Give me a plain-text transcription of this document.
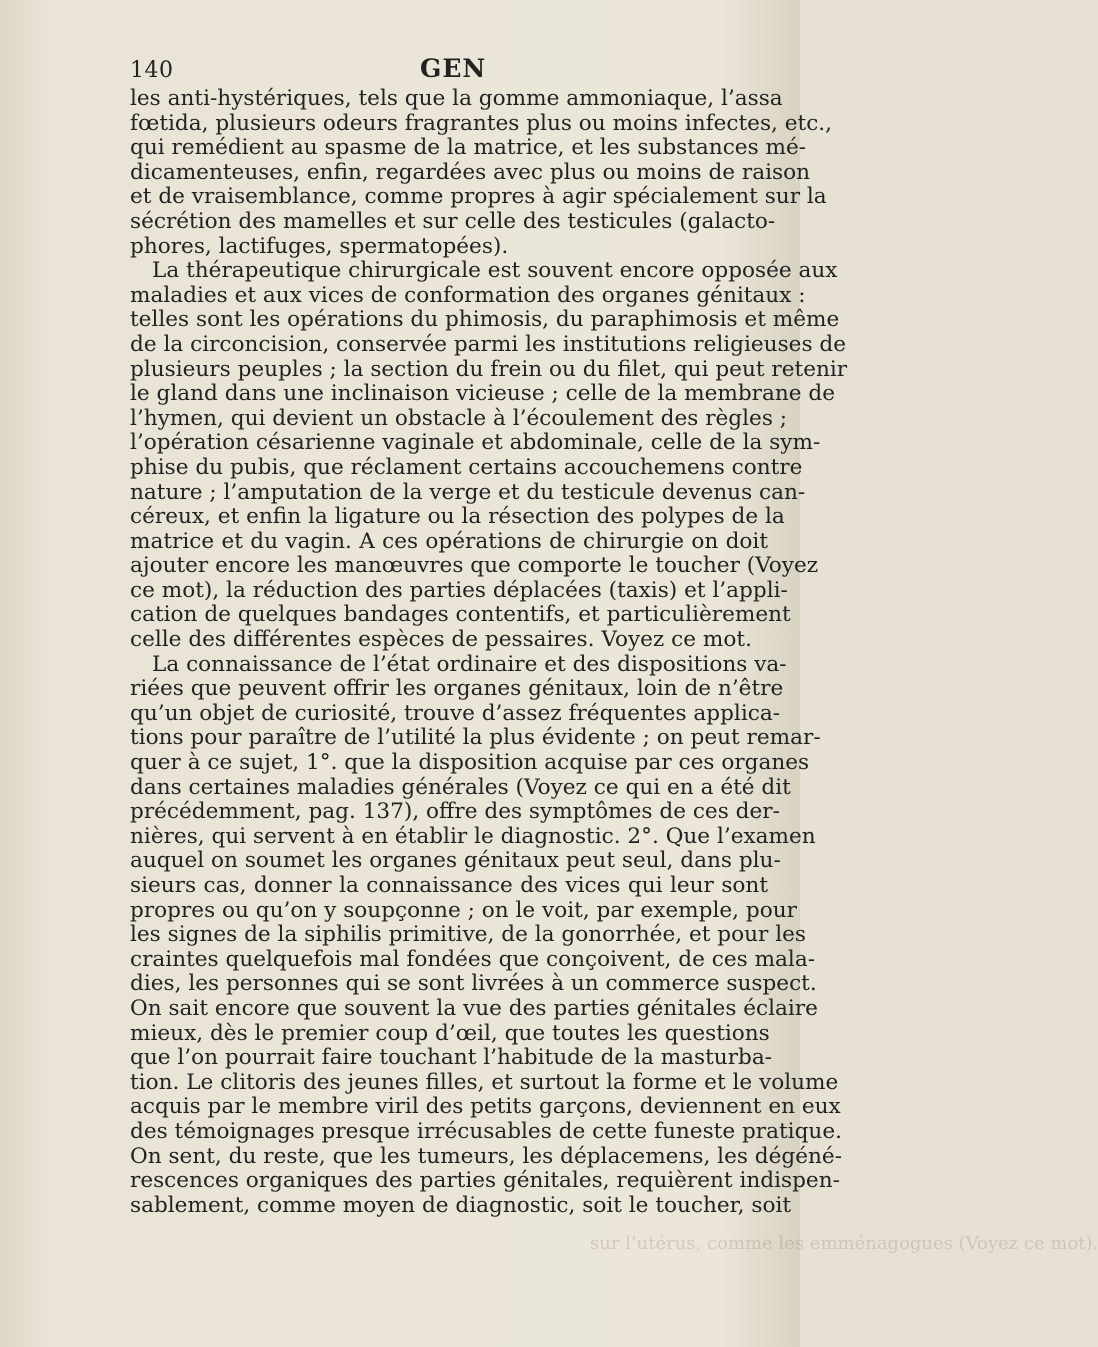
140	GEN
les anti-hystériques, tels que la gomme ammoniaque, l’assa
fœtida, plusieurs odeurs fragrantes plus ou moins infectes, etc.,
qui remédient au spasme de la matrice, et les substances mé-
dicamenteuses, enfin, regardées avec plus ou moins de raison
et de vraisemblance, comme propres à agir spécialement sur la
sécrétion des mamelles et sur celle des testicules (galacto-
phores, lactifuges, spermatopées).
La thérapeutique chirurgicale est souvent encore opposée aux
maladies et aux vices de conformation des organes génitaux :
telles sont les opérations du phimosis, du paraphimosis et même
de la circoncision, conservée parmi les institutions religieuses de
plusieurs peuples ; la section du frein ou du filet, qui peut retenir
le gland dans une inclinaison vicieuse ; celle de la membrane de
l’hymen, qui devient un obstacle à l’écoulement des règles ;
l’opération césarienne vaginale et abdominale, celle de la sym-
phise du pubis, que réclament certains accouchemens contre
nature ; l’amputation de la verge et du testicule devenus can-
céreux, et enfin la ligature ou la résection des polypes de la
matrice et du vagin. A ces opérations de chirurgie on doit
ajouter encore les manœuvres que comporte le toucher (Voyez
ce mot), la réduction des parties déplacées (taxis) et l’appli-
cation de quelques bandages contentifs, et particulièrement
celle des différentes espèces de pessaires. Voyez ce mot.
La connaissance de l’état ordinaire et des dispositions va-
riées que peuvent offrir les organes génitaux, loin de n’être
qu’un objet de curiosité, trouve d’assez fréquentes applica-
tions pour paraître de l’utilité la plus évidente ; on peut remar-
quer à ce sujet, 1°. que la disposition acquise par ces organes
dans certaines maladies générales (Voyez ce qui en a été dit
précédemment, pag. 137), offre des symptômes de ces der-
nières, qui servent à en établir le diagnostic. 2°. Que l’examen
auquel on soumet les organes génitaux peut seul, dans plu-
sieurs cas, donner la connaissance des vices qui leur sont
propres ou qu’on y soupçonne ; on le voit, par exemple, pour
les signes de la siphilis primitive, de la gonorrhée, et pour les
craintes quelquefois mal fondées que conçoivent, de ces mala-
dies, les personnes qui se sont livrées à un commerce suspect.
On sait encore que souvent la vue des parties génitales éclaire
mieux, dès le premier coup d’œil, que toutes les questions
que l’on pourrait faire touchant l’habitude de la masturba-
tion. Le clitoris des jeunes filles, et surtout la forme et le volume
acquis par le membre viril des petits garçons, deviennent en eux
des témoignages presque irrécusables de cette funeste pratique.
On sent, du reste, que les tumeurs, les déplacemens, les dégéné-
rescences organiques des parties génitales, requièrent indispen-
sablement, comme moyen de diagnostic, soit le toucher, soit
sur l’utérus, comme les emménagogues (Voyez ce mot).
